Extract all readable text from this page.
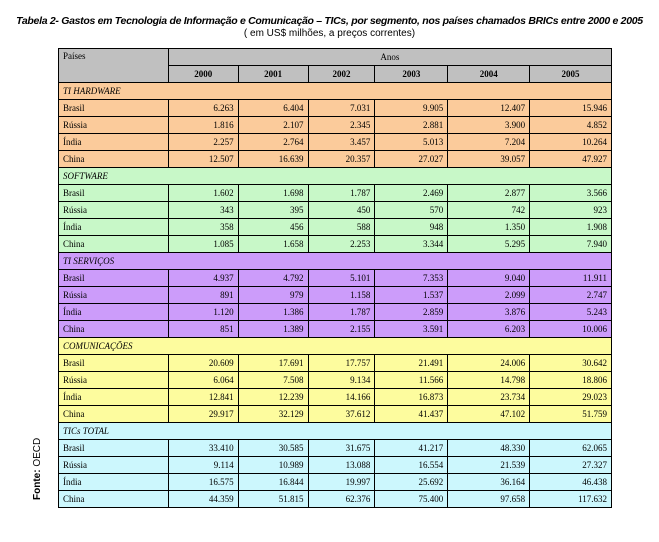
Tabela 2- Gastos em Tecnologia de Informação e Comunicação – TICs, por segmento, nos países chamados BRICs entre 2000 e 2005
( em US$ milhões, a preços correntes)
Fonte: OECD
Países	Anos					
	2000	2001	2002	2003	2004	2005
TI HARDWARE						
Brasil	6.263	6.404	7.031	9.905	12.407	15.946
Rússia	1.816	2.107	2.345	2.881	3.900	4.852
Índia	2.257	2.764	3.457	5.013	7.204	10.264
China	12.507	16.639	20.357	27.027	39.057	47.927
SOFTWARE						
Brasil	1.602	1.698	1.787	2.469	2.877	3.566
Rússia	343	395	450	570	742	923
Índia	358	456	588	948	1.350	1.908
China	1.085	1.658	2.253	3.344	5.295	7.940
TI SERVIÇOS						
Brasil	4.937	4.792	5.101	7.353	9.040	11.911
Rússia	891	979	1.158	1.537	2.099	2.747
Índia	1.120	1.386	1.787	2.859	3.876	5.243
China	851	1.389	2.155	3.591	6.203	10.006
COMUNICAÇÕES						
Brasil	20.609	17.691	17.757	21.491	24.006	30.642
Rússia	6.064	7.508	9.134	11.566	14.798	18.806
Índia	12.841	12.239	14.166	16.873	23.734	29.023
China	29.917	32.129	37.612	41.437	47.102	51.759
TICs TOTAL						
Brasil	33.410	30.585	31.675	41.217	48.330	62.065
Rússia	9.114	10.989	13.088	16.554	21.539	27.327
Índia	16.575	16.844	19.997	25.692	36.164	46.438
China	44.359	51.815	62.376	75.400	97.658	117.632
